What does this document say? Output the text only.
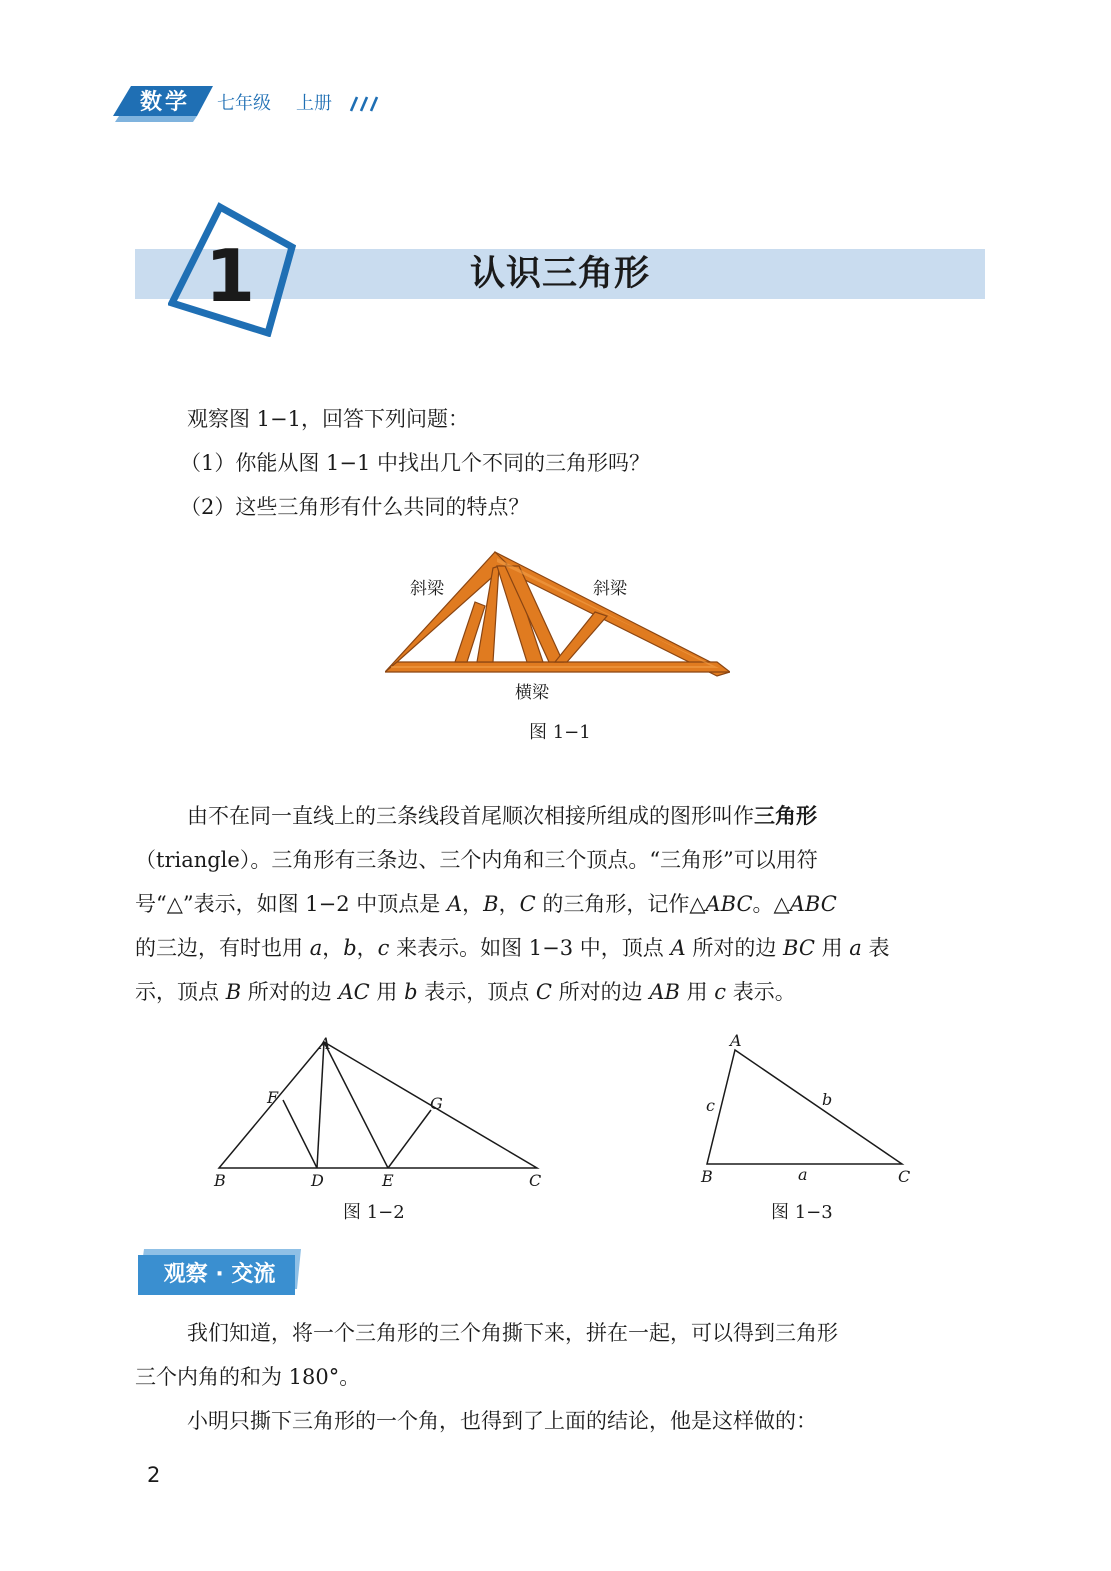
数学	七年级 上册
1	认识三角形
观察图 1−1，回答下列问题：
（1）你能从图 1−1 中找出几个不同的三角形吗？
（2）这些三角形有什么共同的特点？
斜梁	斜梁
横梁
图 1−1
由不在同一直线上的三条线段首尾顺次相接所组成的图形叫作三角形
（triangle）。三角形有三条边、三个内角和三个顶点。“三角形”可以用符
号“△”表示，如图 1−2 中顶点是 A，B，C 的三角形，记作△ABC。△ABC
的三边，有时也用 a，b，c 来表示。如图 1−3 中，顶点 A 所对的边 BC 用 a 表
示，顶点 B 所对的边 AC 用 b 表示，顶点 C 所对的边 AB 用 c 表示。
A
F	G
B	D	E	C
图 1−2
A
B	C
c	b
a
图 1−3
观察 · 交流
我们知道，将一个三角形的三个角撕下来，拼在一起，可以得到三角形
三个内角的和为 180°。
小明只撕下三角形的一个角，也得到了上面的结论，他是这样做的：
2
